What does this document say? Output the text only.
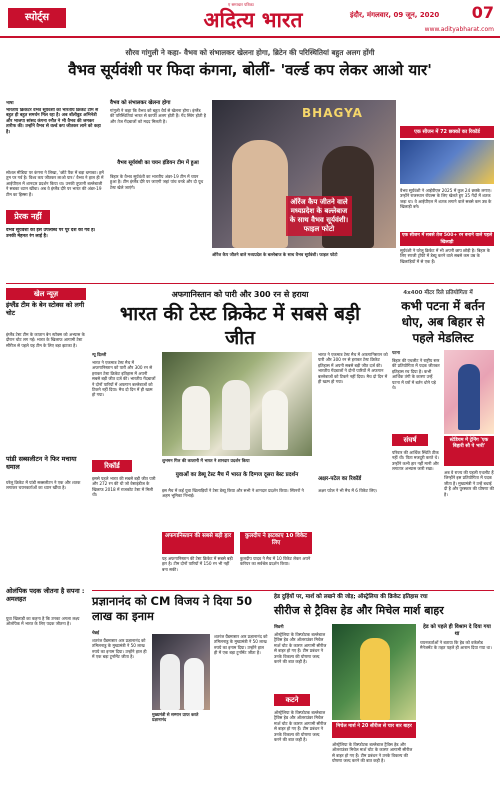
स्पोर्ट्स
ए समाचार पत्रिका
अदित्य भारत	इंदौर, मंगलवार, 09 जून, 2020	07
www.adityabharat.com
सौरव गांगुली ने कहा- वैभव को संभालकर खेलना होगा, ब्रिटेन की परिस्थितियां बहुत अलग होंगी
वैभव सूर्यवंशी पर फिदा कंगना, बोलीं- 'वर्ल्ड कप लेकर आओ यार'
भाषा
भारतीय क्रिकेटर वैभव सूर्यवंशी को भारतीय क्रिकेट टीम से बहुत ही बहुत समर्थन मिल रहा है। अब बॉलीवुड अभिनेत्री और भाजपा सांसद कंगना रनौत ने भी वैभव की जमकर तारीफ की। उन्होंने वैभव से वर्ल्ड कप जीतकर लाने को कहा है।
सोशल मीडिया पर कंगना ने लिखा, 'छोटे पैक में बड़ा धमाका। हमें तुम पर गर्व है। विश्व कप जीतकर लाओ यार।' वैभव ने हाल ही में आईपीएल में शानदार प्रदर्शन किया था। उनकी तूफानी बल्लेबाजी ने सबका ध्यान खींचा। अब वे इंग्लैंड दौरे पर भारत की अंडर-19 टीम का हिस्सा हैं।
प्रेरक नहीं
वैभव सूर्यवंशी की इस उपलब्धि पर पूरे देश को गर्व है। उनकी मेहनत रंग लाई है।
वैभव को संभालकर खेलना होगा
गांगुली ने कहा कि वैभव को बहुत धैर्य से खेलना होगा। इंग्लैंड की परिस्थितियां भारत से काफी अलग होती हैं। गेंद स्विंग होती है और तेज गेंदबाजों को मदद मिलती है।
वैभव सूर्यवंशी का चयन इंडियन टीम में हुआ
बिहार के वैभव सूर्यवंशी का भारतीय अंडर-19 टीम में चयन हुआ है। टीम इंग्लैंड दौरे पर जाएगी जहां पांच वनडे और दो यूथ टेस्ट खेले जाएंगे।
BHAGYA
ऑरेंज कैप जीतने वाले मध्यप्रदेश के बल्लेबाज के साथ वैभव सूर्यवंशी। फाइल फोटो
ऑरेंज कैप जीतने वाले मध्यप्रदेश के बल्लेबाज के साथ वैभव सूर्यवंशी। फाइल फोटो
एक सीजन में 72 छक्कों का रिकॉर्ड
वैभव सूर्यवंशी ने आईपीएल 2025 में कुल 24 छक्के लगाए। उन्होंने राजस्थान रॉयल्स के लिए खेलते हुए 35 गेंदों में शतक जड़ा था। वे आईपीएल में शतक लगाने वाले सबसे कम उम्र के खिलाड़ी बने।
एक सीजन में सबसे तेज 500+ रन बनाने वाले पहले खिलाड़ी
सूर्यवंशी ने घरेलू क्रिकेट में भी अपनी छाप छोड़ी है। बिहार के लिए रणजी ट्रॉफी में डेब्यू करने वाले सबसे कम उम्र के खिलाड़ियों में से एक हैं।
खेल न्यूज़
इंग्लैंड टीम के बेन स्टोक्स को लगी चोट
इंग्लैंड टेस्ट टीम के कप्तान बेन स्टोक्स को अभ्यास के दौरान चोट लग गई। भारत के खिलाफ आगामी टेस्ट सीरीज से पहले यह टीम के लिए बड़ा झटका है।
पांडी सब्सलीटन ने फिर मचाया धमाल
घरेलू क्रिकेट में पांडी सब्सलीटन ने एक और शतक लगाकर चयनकर्ताओं का ध्यान खींचा है।
ओलंपिक पदक जीतना है सपना : अमलहत
युवा खिलाड़ी का कहना है कि उनका अगला लक्ष्य ओलंपिक में भारत के लिए पदक जीतना है।
अफगानिस्तान को पारी और 300 रन से हराया
भारत की टेस्ट क्रिकेट में सबसे बड़ी जीत
न्यू दिल्ली
भारत ने एकमात्र टेस्ट मैच में अफगानिस्तान को पारी और 300 रन से हराकर टेस्ट क्रिकेट इतिहास में अपनी सबसे बड़ी जीत दर्ज की। भारतीय गेंदबाजों ने दोनों पारियों में अफगान बल्लेबाजों को टिकने नहीं दिया। मैच दो दिन में ही खत्म हो गया।
रिकॉर्ड
इससे पहले भारत की सबसे बड़ी जीत पारी और 272 रन की थी जो वेस्टइंडीज के खिलाफ 2018 में राजकोट टेस्ट में मिली थी।
शुभमन गिल की कप्तानी में भारत ने शानदार प्रदर्शन किया
युवाओं का डेब्यू टेस्ट मैच में भारत के दिग्गज दूसरा बेस्ट प्रदर्शन
इस मैच में कई युवा खिलाड़ियों ने टेस्ट डेब्यू किया और सभी ने शानदार प्रदर्शन किया। स्पिनरों ने अहम भूमिका निभाई।
अफगानिस्तान की सबसे बड़ी हार
यह अफगानिस्तान की टेस्ट क्रिकेट में सबसे बड़ी हार है। टीम दोनों पारियों में 150 रन भी नहीं बना सकी।
कुलदीप ने झटकाए 10 विकेट लिए
कुलदीप यादव ने मैच में 10 विकेट लेकर अपने करियर का सर्वश्रेष्ठ प्रदर्शन किया।
भारत ने एकमात्र टेस्ट मैच में अफगानिस्तान को पारी और 300 रन से हराकर टेस्ट क्रिकेट इतिहास में अपनी सबसे बड़ी जीत दर्ज की। भारतीय गेंदबाजों ने दोनों पारियों में अफगान बल्लेबाजों को टिकने नहीं दिया। मैच दो दिन में ही खत्म हो गया।
अक्षर-पटेल का रिकॉर्ड
अक्षर पटेल ने भी मैच में 6 विकेट लिए।
4x400 मीटर रिले प्रतियोगिता में
कभी पटना में बर्तन धोए, अब बिहार से पहले मेडलिस्ट
पटना
बिहार की एथलीट ने राष्ट्रीय स्तर की प्रतियोगिता में पदक जीतकर इतिहास रच दिया है। कभी आर्थिक तंगी के कारण उन्हें पटना में घरों में बर्तन धोने पड़े थे।
संघर्ष
परिवार की आर्थिक स्थिति ठीक नहीं थी। पिता मजदूरी करते थे। उन्होंने कभी हार नहीं मानी और लगातार अभ्यास जारी रखा।
स्टेडियम में ट्रेनिंग 'एक बिहारी सौ पे भारी'
अब वे राज्य की पहली एथलीट हैं जिन्होंने इस प्रतियोगिता में पदक जीता है। मुख्यमंत्री ने उन्हें बधाई दी है और पुरस्कार की घोषणा की है।
प्रज्ञानानंद को CM विजय ने दिया 50 लाख का इनाम
चेन्नई
शतरंज ग्रैंडमास्टर आर प्रज्ञानानंद को तमिलनाडु के मुख्यमंत्री ने 50 लाख रुपये का इनाम दिया। उन्होंने हाल ही में एक बड़ा टूर्नामेंट जीता है।
मुख्यमंत्री से सम्मान प्राप्त करते प्रज्ञानानंद
शतरंज ग्रैंडमास्टर आर प्रज्ञानानंद को तमिलनाडु के मुख्यमंत्री ने 50 लाख रुपये का इनाम दिया। उन्होंने हाल ही में एक बड़ा टूर्नामेंट जीता है।
हेड दुहिंयों पर, मार्श को लखने की जोड़; ऑस्ट्रेलिया की क्रिकेट इतिहास रचा
सीरीज से ट्रैविस हेड और मिचेल मार्श बाहर
सिडनी
ऑस्ट्रेलिया के विस्फोटक बल्लेबाज ट्रैविस हेड और ऑलराउंडर मिचेल मार्श चोट के कारण आगामी सीरीज से बाहर हो गए हैं। टीम प्रबंधन ने उनके विकल्प की घोषणा जल्द करने की बात कही है।
कटने
ऑस्ट्रेलिया के विस्फोटक बल्लेबाज ट्रैविस हेड और ऑलराउंडर मिचेल मार्श चोट के कारण आगामी सीरीज से बाहर हो गए हैं। टीम प्रबंधन ने उनके विकल्प की घोषणा जल्द करने की बात कही है।
मिचेल मार्श ने 20 सीरीज से चार बार बाहर
ऑस्ट्रेलिया के विस्फोटक बल्लेबाज ट्रैविस हेड और ऑलराउंडर मिचेल मार्श चोट के कारण आगामी सीरीज से बाहर हो गए हैं। टीम प्रबंधन ने उनके विकल्प की घोषणा जल्द करने की बात कही है।
हेड को पहले ही विश्राम दे दिया गया था
चयनकर्ताओं ने बताया कि हेड को वर्कलोड मैनेजमेंट के तहत पहले ही आराम दिया गया था।
